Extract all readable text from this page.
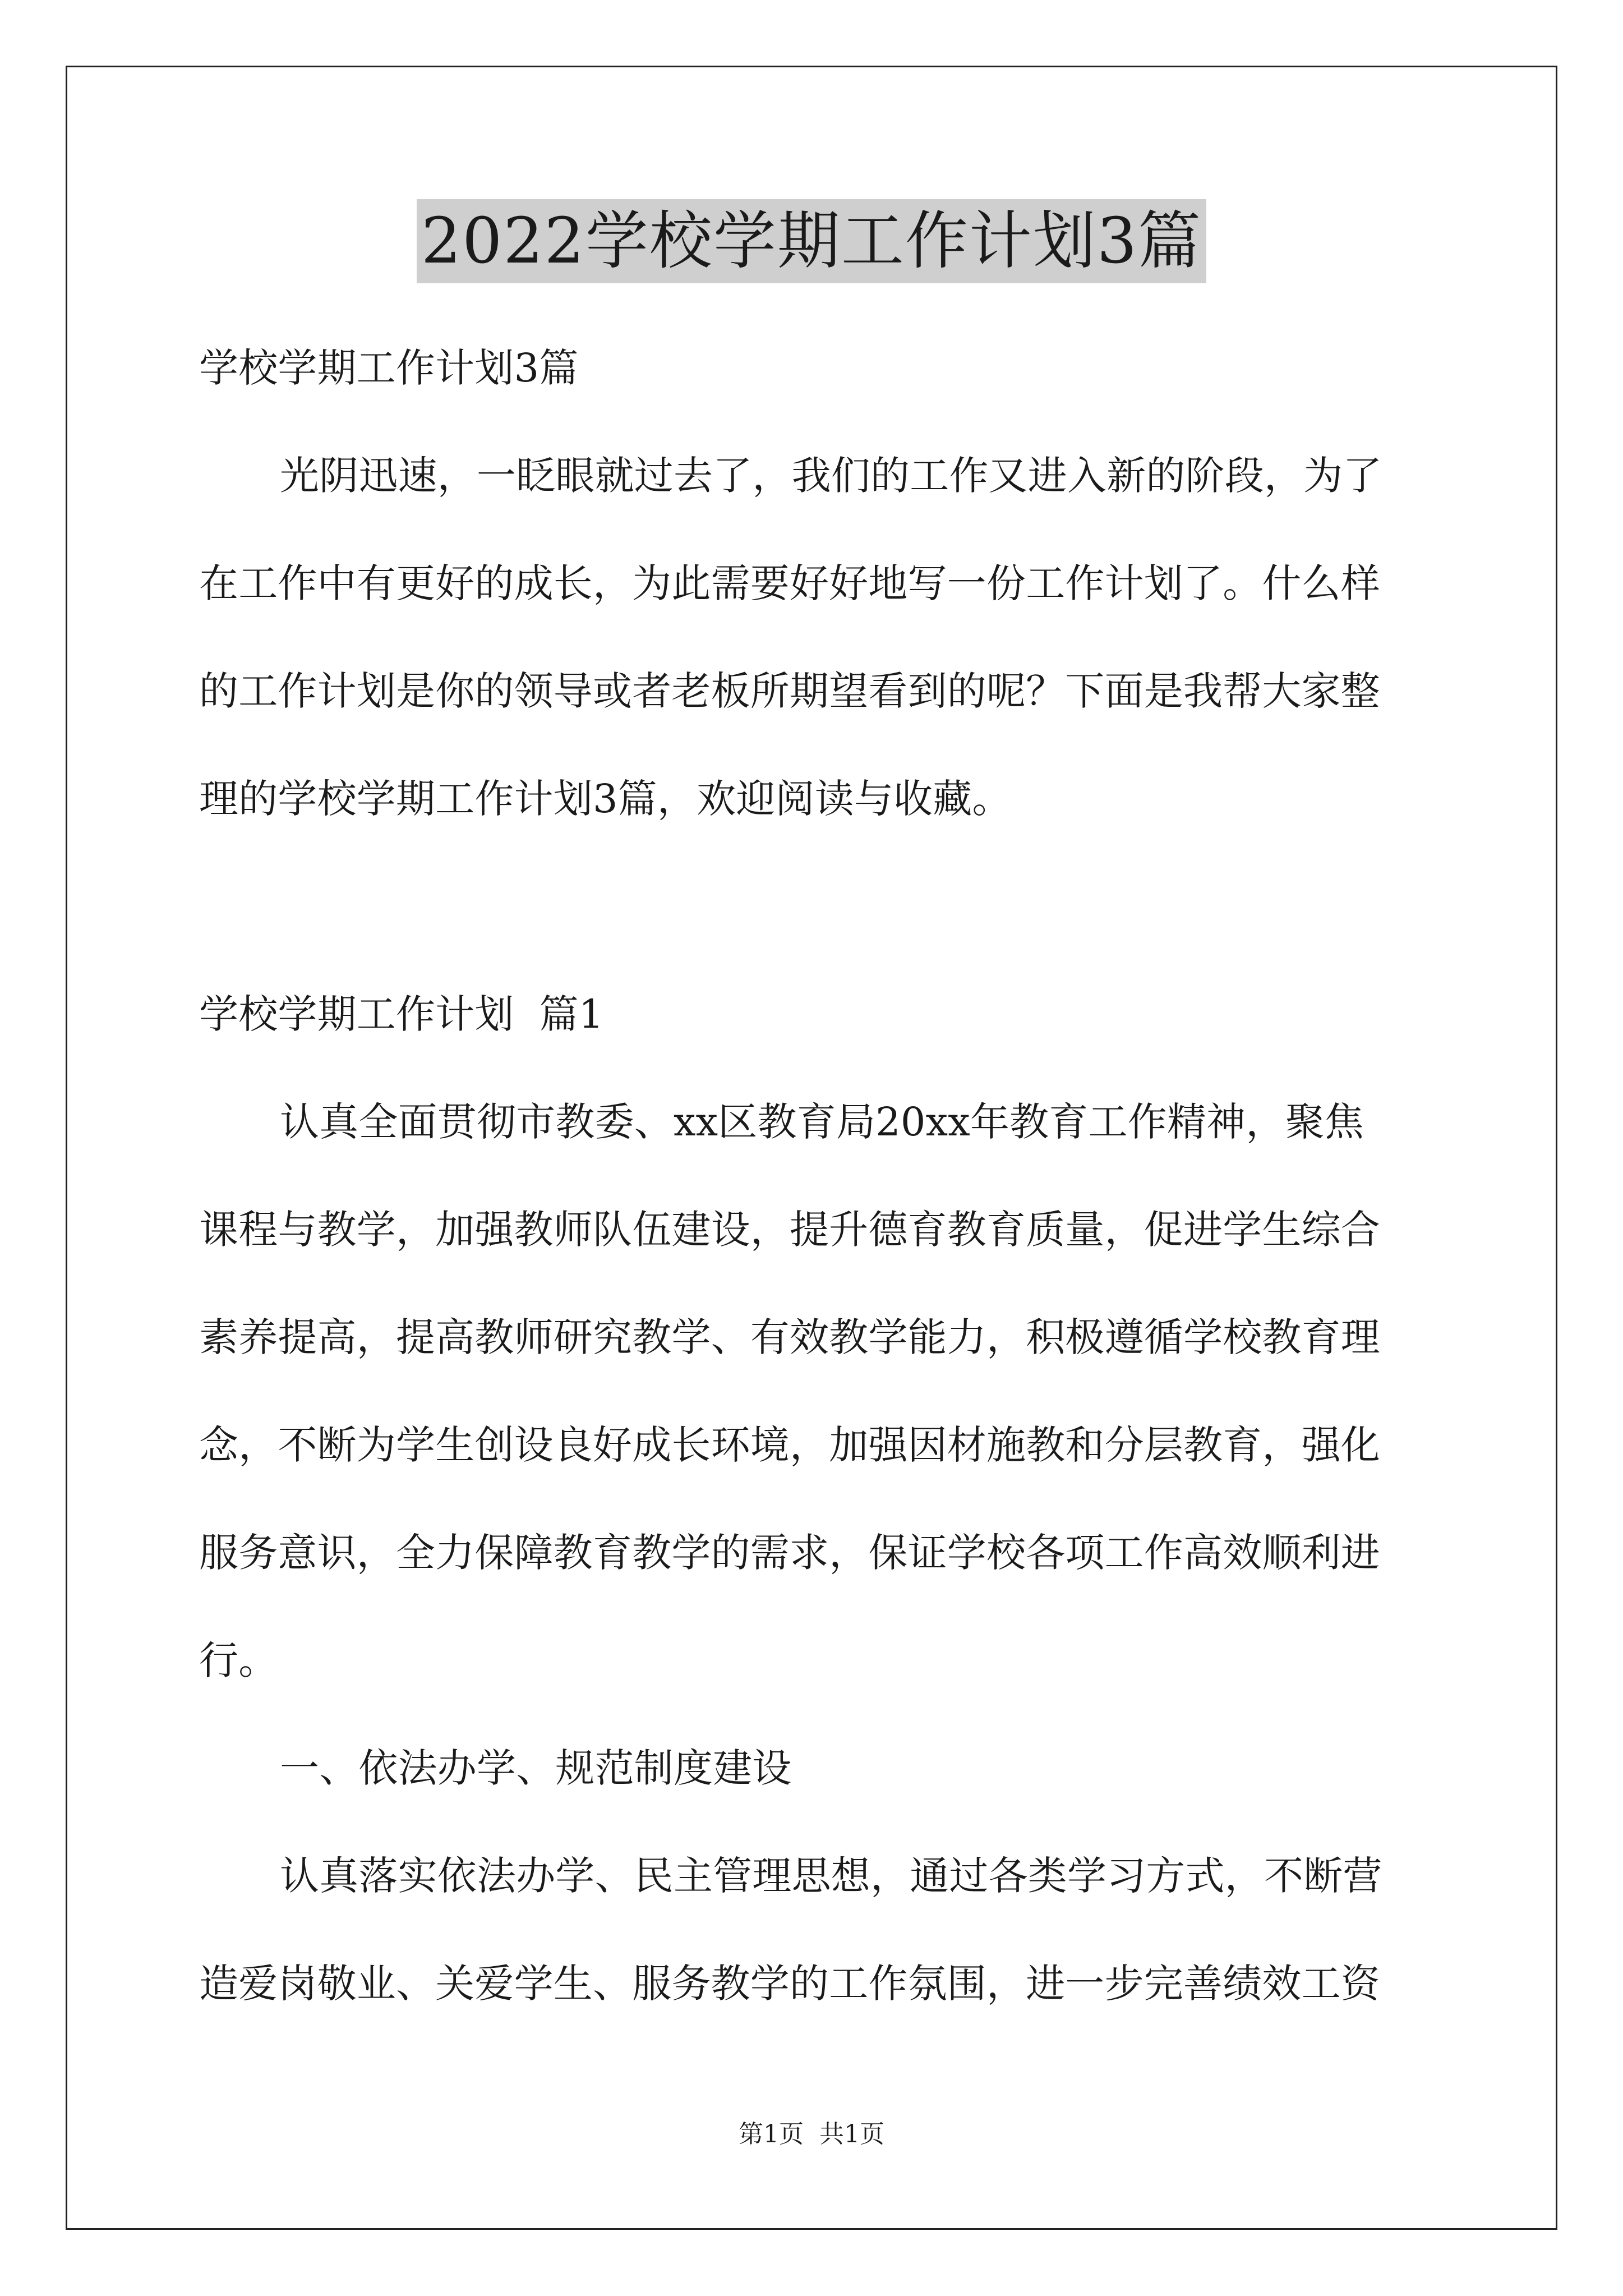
2022学校学期工作计划3篇
学校学期工作计划3篇
光阴迅速，一眨眼就过去了，我们的工作又进入新的阶段，为了
在工作中有更好的成长，为此需要好好地写一份工作计划了。什么样
的工作计划是你的领导或者老板所期望看到的呢？下面是我帮大家整
理的学校学期工作计划3篇，欢迎阅读与收藏。
学校学期工作计划  篇1
认真全面贯彻市教委、xx区教育局20xx年教育工作精神，聚焦
课程与教学，加强教师队伍建设，提升德育教育质量，促进学生综合
素养提高，提高教师研究教学、有效教学能力，积极遵循学校教育理
念，不断为学生创设良好成长环境，加强因材施教和分层教育，强化
服务意识，全力保障教育教学的需求，保证学校各项工作高效顺利进
行。
一、依法办学、规范制度建设
认真落实依法办学、民主管理思想，通过各类学习方式，不断营
造爱岗敬业、关爱学生、服务教学的工作氛围，进一步完善绩效工资
第1页 共1页
